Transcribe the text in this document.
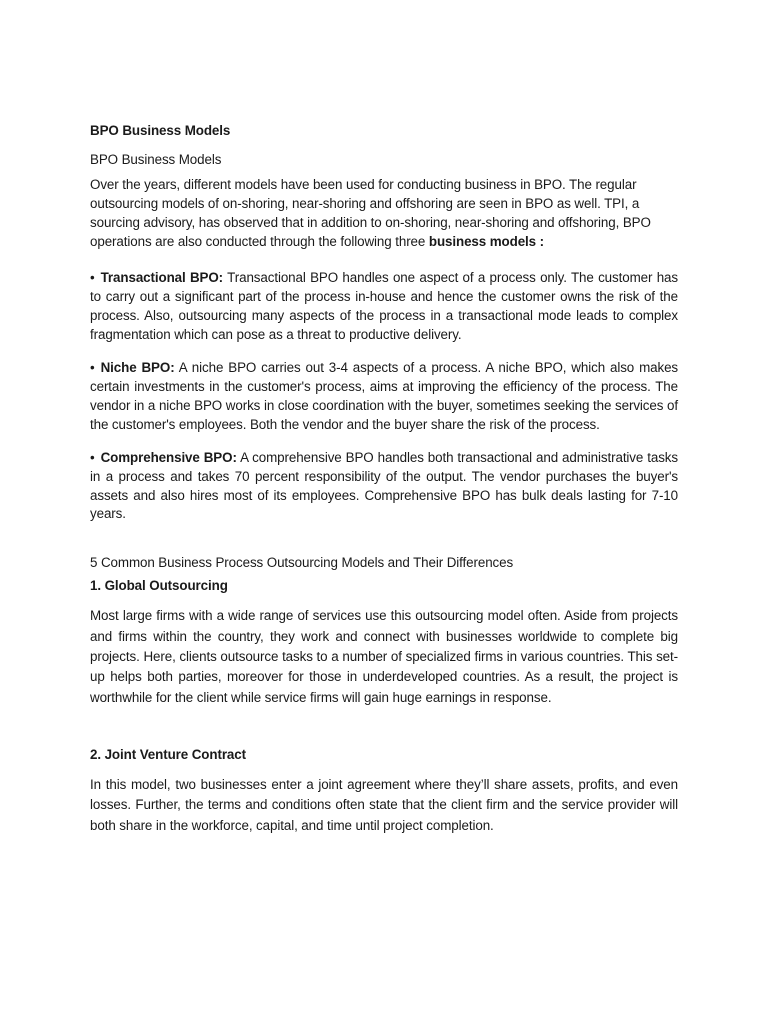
BPO Business Models
BPO Business Models
Over the years, different models have been used for conducting business in BPO. The regular outsourcing models of on-shoring, near-shoring and offshoring are seen in BPO as well. TPI, a sourcing advisory, has observed that in addition to on-shoring, near-shoring and offshoring, BPO operations are also conducted through the following three business models :
• Transactional BPO: Transactional BPO handles one aspect of a process only. The customer has to carry out a significant part of the process in-house and hence the customer owns the risk of the process. Also, outsourcing many aspects of the process in a transactional mode leads to complex fragmentation which can pose as a threat to productive delivery.
• Niche BPO: A niche BPO carries out 3-4 aspects of a process. A niche BPO, which also makes certain investments in the customer's process, aims at improving the efficiency of the process. The vendor in a niche BPO works in close coordination with the buyer, sometimes seeking the services of the customer's employees. Both the vendor and the buyer share the risk of the process.
• Comprehensive BPO: A comprehensive BPO handles both transactional and administrative tasks in a process and takes 70 percent responsibility of the output. The vendor purchases the buyer's assets and also hires most of its employees. Comprehensive BPO has bulk deals lasting for 7-10 years.
5 Common Business Process Outsourcing Models and Their Differences
1. Global Outsourcing
Most large firms with a wide range of services use this outsourcing model often. Aside from projects and firms within the country, they work and connect with businesses worldwide to complete big projects. Here, clients outsource tasks to a number of specialized firms in various countries. This set-up helps both parties, moreover for those in underdeveloped countries. As a result, the project is worthwhile for the client while service firms will gain huge earnings in response.
2. Joint Venture Contract
In this model, two businesses enter a joint agreement where they’ll share assets, profits, and even losses. Further, the terms and conditions often state that the client firm and the service provider will both share in the workforce, capital, and time until project completion.
